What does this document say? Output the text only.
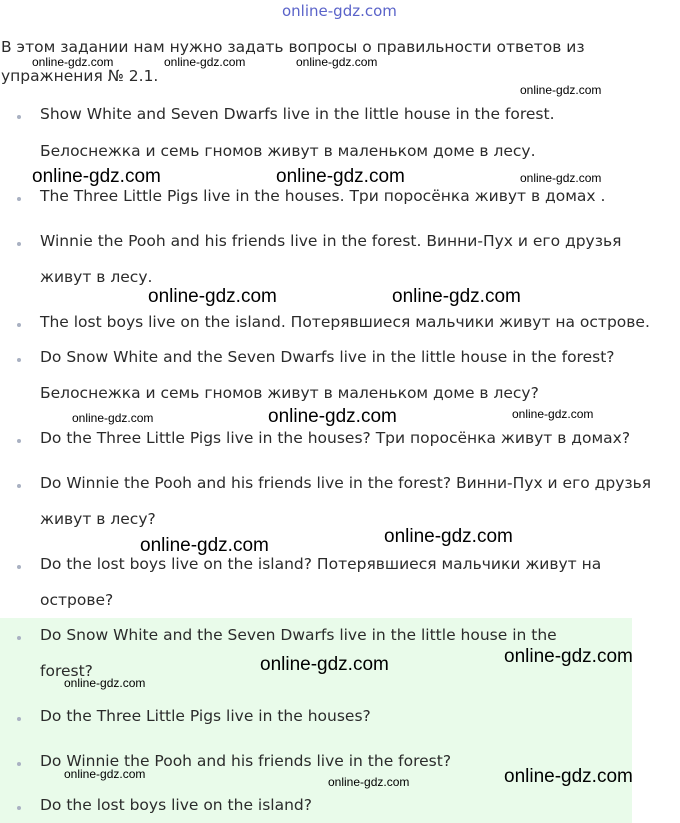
online-gdz.com
В этом задании нам нужно задать вопросы о правильности ответов из упражнения № 2.1.
Show White and Seven Dwarfs live in the little house in the forest.
Белоснежка и семь гномов живут в маленьком доме в лесу.
The Three Little Pigs live in the houses. Три поросёнка живут в домах .
Winnie the Pooh and his friends live in the forest. Винни-Пух и его друзья
живут в лесу.
The lost boys live on the island. Потерявшиеся мальчики живут на острове.
Do Snow White and the Seven Dwarfs live in the little house in the forest?
Белоснежка и семь гномов живут в маленьком доме в лесу?
Do the Three Little Pigs live in the houses? Три поросёнка живут в домах?
Do Winnie the Pooh and his friends live in the forest? Винни-Пух и его друзья
живут в лесу?
Do the lost boys live on the island? Потерявшиеся мальчики живут на
острове?
Do Snow White and the Seven Dwarfs live in the little house in the
forest?
Do the Three Little Pigs live in the houses?
Do Winnie the Pooh and his friends live in the forest?
Do the lost boys live on the island?
online-gdz.com	online-gdz.com	online-gdz.com
online-gdz.com
online-gdz.com	online-gdz.com	online-gdz.com
online-gdz.com	online-gdz.com
online-gdz.com	online-gdz.com	online-gdz.com
online-gdz.com
online-gdz.com
online-gdz.com
online-gdz.com
online-gdz.com
online-gdz.com	online-gdz.com
online-gdz.com
